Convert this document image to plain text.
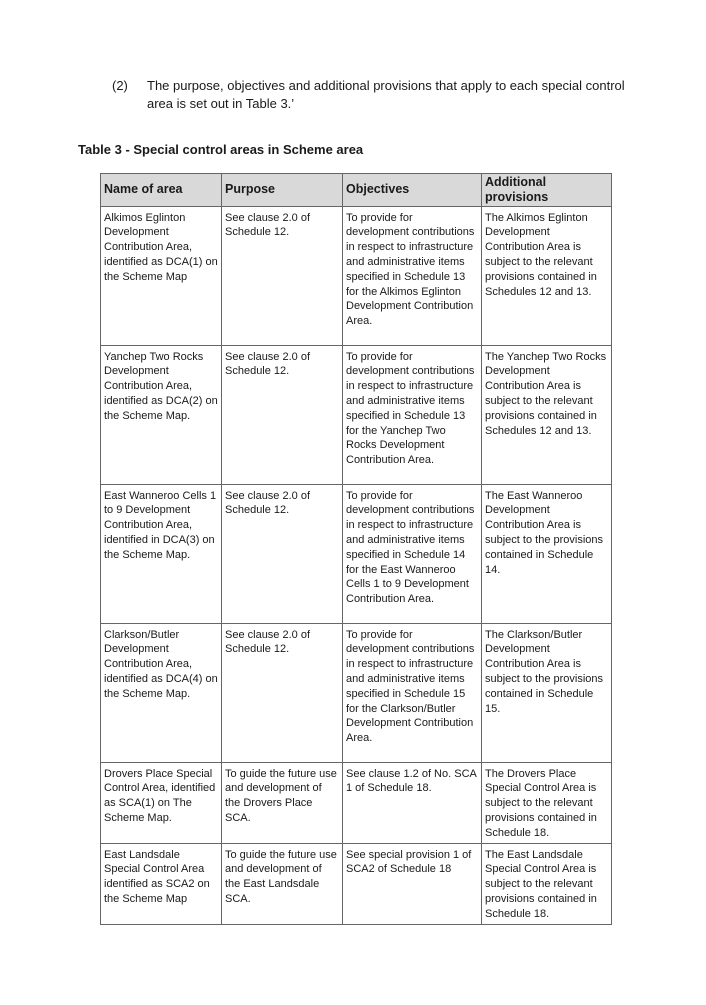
(2) The purpose, objectives and additional provisions that apply to each special control area is set out in Table 3.’
Table 3 - Special control areas in Scheme area
Name of area	Purpose	Objectives	Additional provisions
Alkimos Eglinton Development Contribution Area, identified as DCA(1) on the Scheme Map	See clause 2.0 of Schedule 12.	To provide for development contributions in respect to infrastructure and administrative items specified in Schedule 13 for the Alkimos Eglinton Development Contribution Area.	The Alkimos Eglinton Development Contribution Area is subject to the relevant provisions contained in Schedules 12 and 13.
Yanchep Two Rocks Development Contribution Area, identified as DCA(2) on the Scheme Map.	See clause 2.0 of Schedule 12.	To provide for development contributions in respect to infrastructure and administrative items specified in Schedule 13 for the Yanchep Two Rocks Development Contribution Area.	The Yanchep Two Rocks Development Contribution Area is subject to the relevant provisions contained in Schedules 12 and 13.
East Wanneroo Cells 1 to 9 Development Contribution Area, identified in DCA(3) on the Scheme Map.	See clause 2.0 of Schedule 12.	To provide for development contributions in respect to infrastructure and administrative items specified in Schedule 14 for the East Wanneroo Cells 1 to 9 Development Contribution Area.	The East Wanneroo Development Contribution Area is subject to the provisions contained in Schedule 14.
Clarkson/Butler Development Contribution Area, identified as DCA(4) on the Scheme Map.	See clause 2.0 of Schedule 12.	To provide for development contributions in respect to infrastructure and administrative items specified in Schedule 15 for the Clarkson/Butler Development Contribution Area.	The Clarkson/Butler Development Contribution Area is subject to the provisions contained in Schedule 15.
Drovers Place Special Control Area, identified as SCA(1) on The Scheme Map.	To guide the future use and development of the Drovers Place SCA.	See clause 1.2 of No. SCA 1 of Schedule 18.	The Drovers Place Special Control Area is subject to the relevant provisions contained in Schedule 18.
East Landsdale Special Control Area identified as SCA2 on the Scheme Map	To guide the future use and development of the East Landsdale SCA.	See special provision 1 of SCA2 of Schedule 18	The East Landsdale Special Control Area is subject to the relevant provisions contained in Schedule 18.
